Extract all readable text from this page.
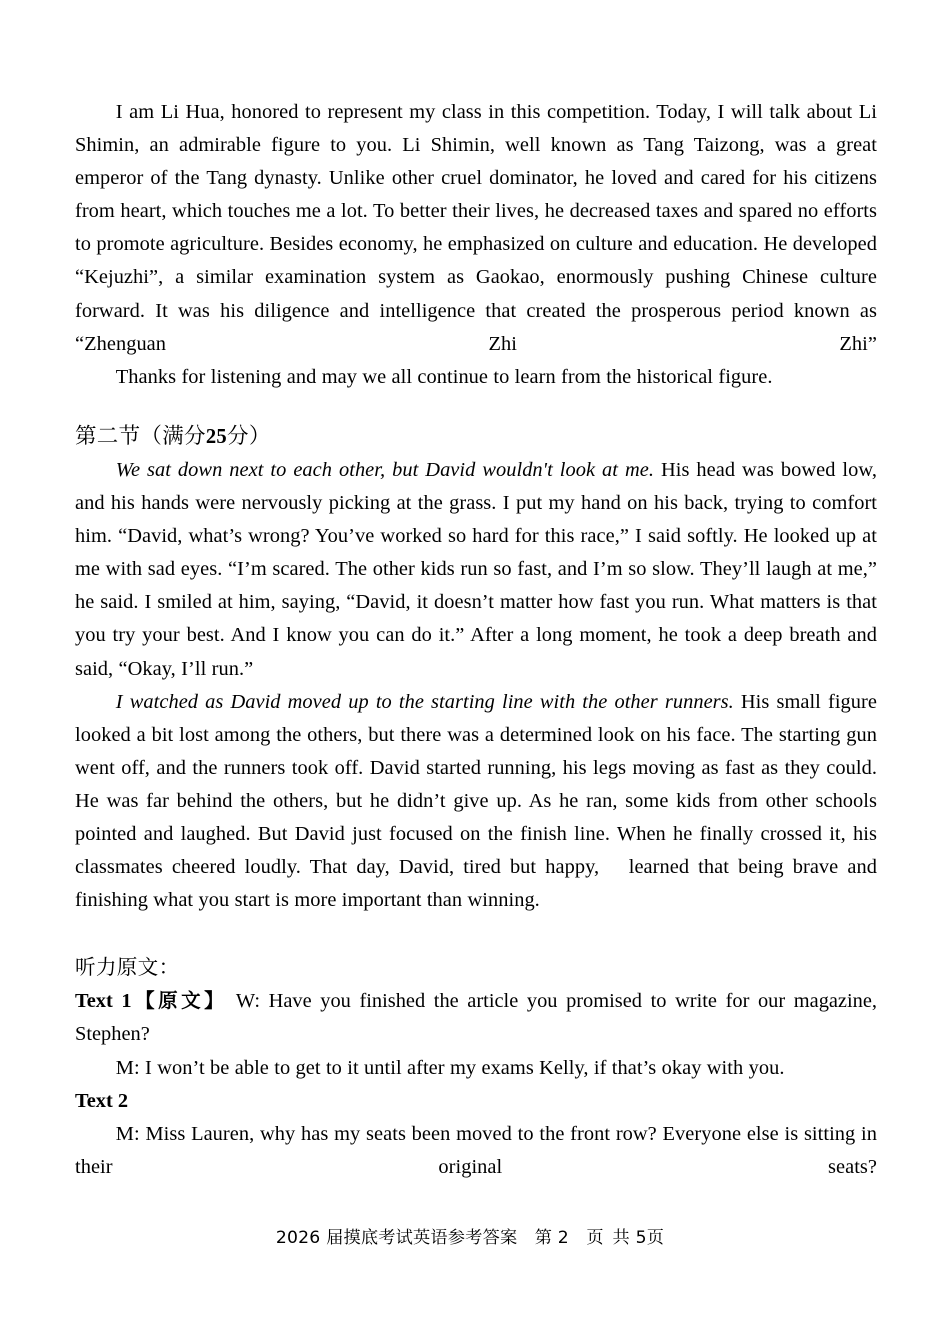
I am Li Hua, honored to represent my class in this competition. Today, I will talk about Li Shimin, an admirable figure to you. Li Shimin, well known as Tang Taizong, was a great emperor of the Tang dynasty. Unlike other cruel dominator, he loved and cared for his citizens from heart, which touches me a lot. To better their lives, he decreased taxes and spared no efforts to promote agriculture. Besides economy, he emphasized on culture and education. He developed “Kejuzhi”, a similar examination system as Gaokao, enormously pushing Chinese culture forward. It was his diligence and intelligence that created the prosperous period known as “Zhenguan Zhi Zhi”

Thanks for listening and may we all continue to learn from the historical figure.

第二节（满分25分）

We sat down next to each other, but David wouldn't look at me. His head was bowed low, and his hands were nervously picking at the grass. I put my hand on his back, trying to comfort him. “David, what’s wrong? You’ve worked so hard for this race,” I said softly. He looked up at me with sad eyes. “I’m scared. The other kids run so fast, and I’m so slow. They’ll laugh at me,” he said. I smiled at him, saying, “David, it doesn’t matter how fast you run. What matters is that you try your best. And I know you can do it.” After a long moment, he took a deep breath and said, “Okay, I’ll run.”

I watched as David moved up to the starting line with the other runners. His small figure looked a bit lost among the others, but there was a determined look on his face. The starting gun went off, and the runners took off. David started running, his legs moving as fast as they could. He was far behind the others, but he didn’t give up. As he ran, some kids from other schools pointed and laughed. But David just focused on the finish line. When he finally crossed it, his classmates cheered loudly. That day, David, tired but happy,  learned that being brave and finishing what you start is more important than winning.

听力原文：

Text 1【原文】 W: Have you finished the article you promised to write for our magazine, Stephen?

M: I won’t be able to get to it until after my exams Kelly, if that’s okay with you.

Text 2

M: Miss Lauren, why has my seats been moved to the front row? Everyone else is sitting in their original seats?

2026 届摸底考试英语参考答案　 第 2　 页  共 5页
